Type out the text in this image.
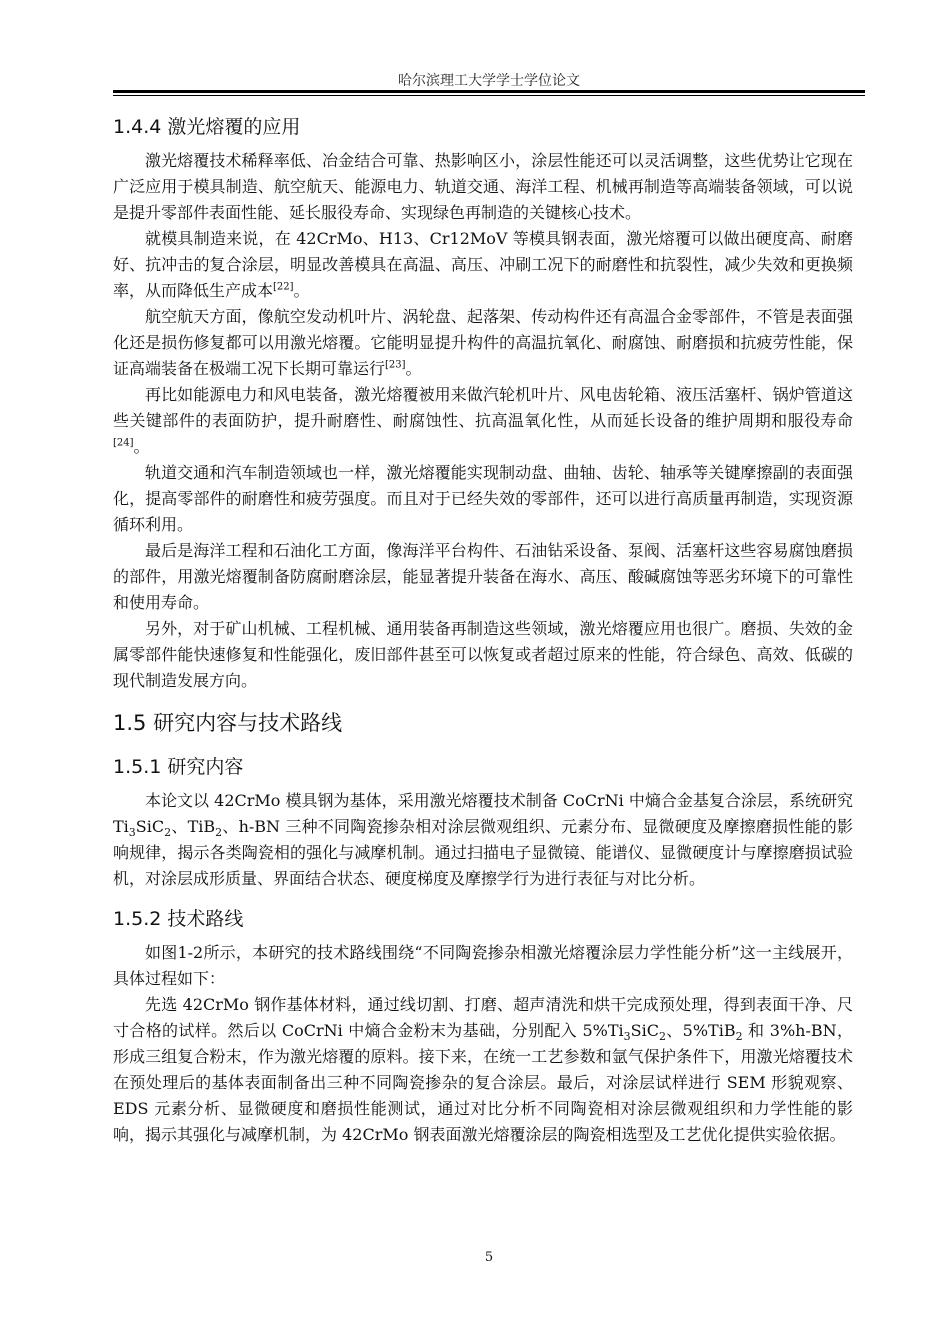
哈尔滨理工大学学士学位论文
1.4.4 激光熔覆的应用

激光熔覆技术稀释率低、冶金结合可靠、热影响区小，涂层性能还可以灵活调整，这些优势让它现在广泛应用于模具制造、航空航天、能源电力、轨道交通、海洋工程、机械再制造等高端装备领域，可以说是提升零部件表面性能、延长服役寿命、实现绿色再制造的关键核心技术。

就模具制造来说，在 42CrMo、H13、Cr12MoV 等模具钢表面，激光熔覆可以做出硬度高、耐磨好、抗冲击的复合涂层，明显改善模具在高温、高压、冲刷工况下的耐磨性和抗裂性，减少失效和更换频率，从而降低生产成本[22]。

航空航天方面，像航空发动机叶片、涡轮盘、起落架、传动构件还有高温合金零部件，不管是表面强化还是损伤修复都可以用激光熔覆。它能明显提升构件的高温抗氧化、耐腐蚀、耐磨损和抗疲劳性能，保证高端装备在极端工况下长期可靠运行[23]。

再比如能源电力和风电装备，激光熔覆被用来做汽轮机叶片、风电齿轮箱、液压活塞杆、锅炉管道这些关键部件的表面防护，提升耐磨性、耐腐蚀性、抗高温氧化性，从而延长设备的维护周期和服役寿命[24]。

轨道交通和汽车制造领域也一样，激光熔覆能实现制动盘、曲轴、齿轮、轴承等关键摩擦副的表面强化，提高零部件的耐磨性和疲劳强度。而且对于已经失效的零部件，还可以进行高质量再制造，实现资源循环利用。

最后是海洋工程和石油化工方面，像海洋平台构件、石油钻采设备、泵阀、活塞杆这些容易腐蚀磨损的部件，用激光熔覆制备防腐耐磨涂层，能显著提升装备在海水、高压、酸碱腐蚀等恶劣环境下的可靠性和使用寿命。

另外，对于矿山机械、工程机械、通用装备再制造这些领域，激光熔覆应用也很广。磨损、失效的金属零部件能快速修复和性能强化，废旧部件甚至可以恢复或者超过原来的性能，符合绿色、高效、低碳的现代制造发展方向。

1.5 研究内容与技术路线
1.5.1 研究内容

本论文以 42CrMo 模具钢为基体，采用激光熔覆技术制备 CoCrNi 中熵合金基复合涂层，系统研究 $Ti_3SiC_2$、TiB$_2$、h-BN 三种不同陶瓷掺杂相对涂层微观组织、元素分布、显微硬度及摩擦磨损性能的影响规律，揭示各类陶瓷相的强化与减摩机制。通过扫描电子显微镜、能谱仪、显微硬度计与摩擦磨损试验机，对涂层成形质量、界面结合状态、硬度梯度及摩擦学行为进行表征与对比分析。

1.5.2 技术路线

如图1-2所示，本研究的技术路线围绕“不同陶瓷掺杂相激光熔覆涂层力学性能分析”这一主线展开，具体过程如下：

先选 42CrMo 钢作基体材料，通过线切割、打磨、超声清洗和烘干完成预处理，得到表面干净、尺寸合格的试样。然后以 CoCrNi 中熵合金粉末为基础，分别配入 $5\%Ti_3SiC_2$、5%TiB$_2$ 和 3%h-BN，形成三组复合粉末，作为激光熔覆的原料。接下来，在统一工艺参数和氩气保护条件下，用激光熔覆技术在预处理后的基体表面制备出三种不同陶瓷掺杂的复合涂层。最后，对涂层试样进行 SEM 形貌观察、EDS 元素分析、显微硬度和磨损性能测试，通过对比分析不同陶瓷相对涂层微观组织和力学性能的影响，揭示其强化与减摩机制，为 42CrMo 钢表面激光熔覆涂层的陶瓷相选型及工艺优化提供实验依据。

5
